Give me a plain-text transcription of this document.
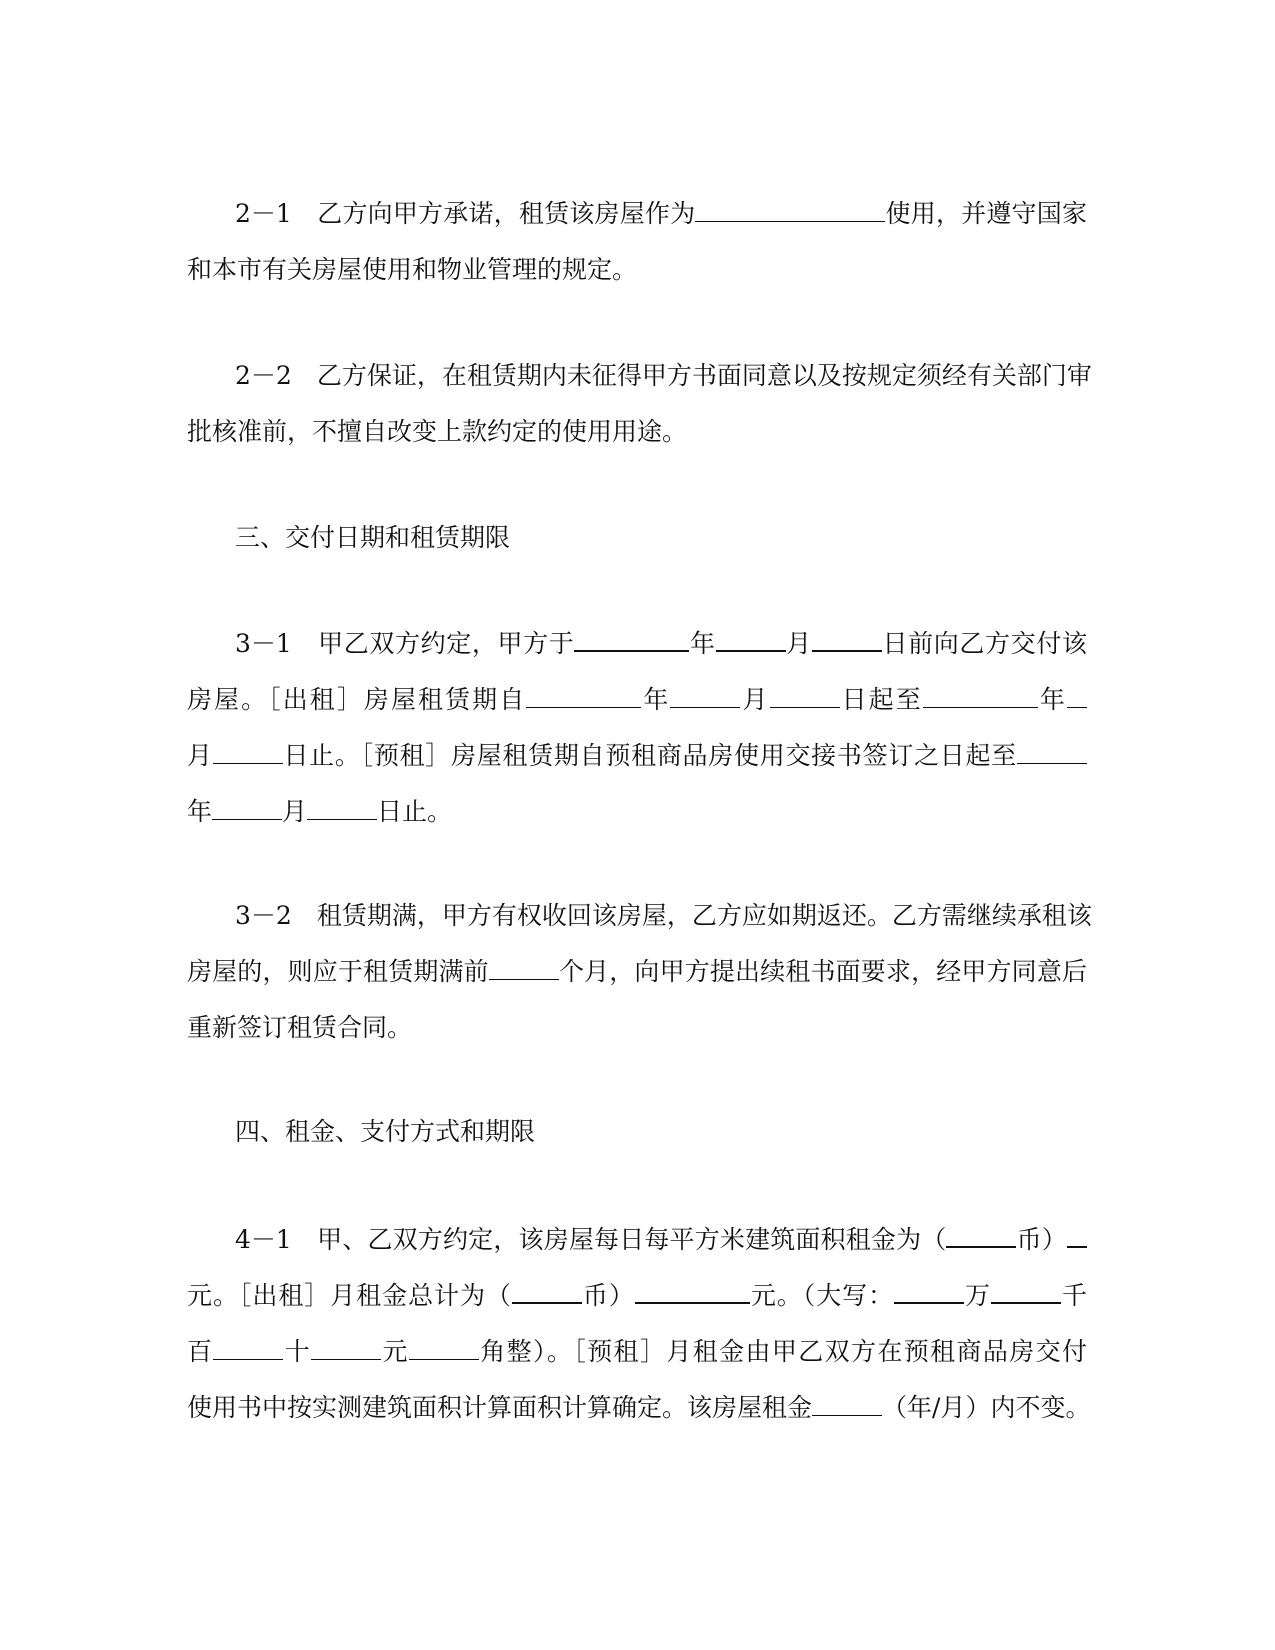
2－1　 乙方向甲方承诺，租赁该房屋作为	使用，并遵守国家
和本市有关房屋使用和物业管理的规定。
2－2　 乙方保证，在租赁期内未征得甲方书面同意以及按规定须经有关部门审
批核准前，不擅自改变上款约定的使用用途。
三、交付日期和租赁期限
3－1　 甲乙双方约定，甲方于	年	月	日前向乙方交付该
房屋。［出租］房屋租赁期自	年	月	日起至	年
月	日止。［预租］房屋租赁期自预租商品房使用交接书签订之日起至
年	月	日止。
3－2　 租赁期满，甲方有权收回该房屋，乙方应如期返还。乙方需继续承租该
房屋的，则应于租赁期满前	个月，向甲方提出续租书面要求，经甲方同意后
重新签订租赁合同。
四、租金、支付方式和期限
4－1　 甲、乙双方约定，该房屋每日每平方米建筑面积租金为（	币）
元。［出租］月租金总计为（	币）	元。（大写：	万	千
百	十	元	角整）。［预租］月租金由甲乙双方在预租商品房交付
使用书中按实测建筑面积计算面积计算确定。该房屋租金	（年/月）内不变。
